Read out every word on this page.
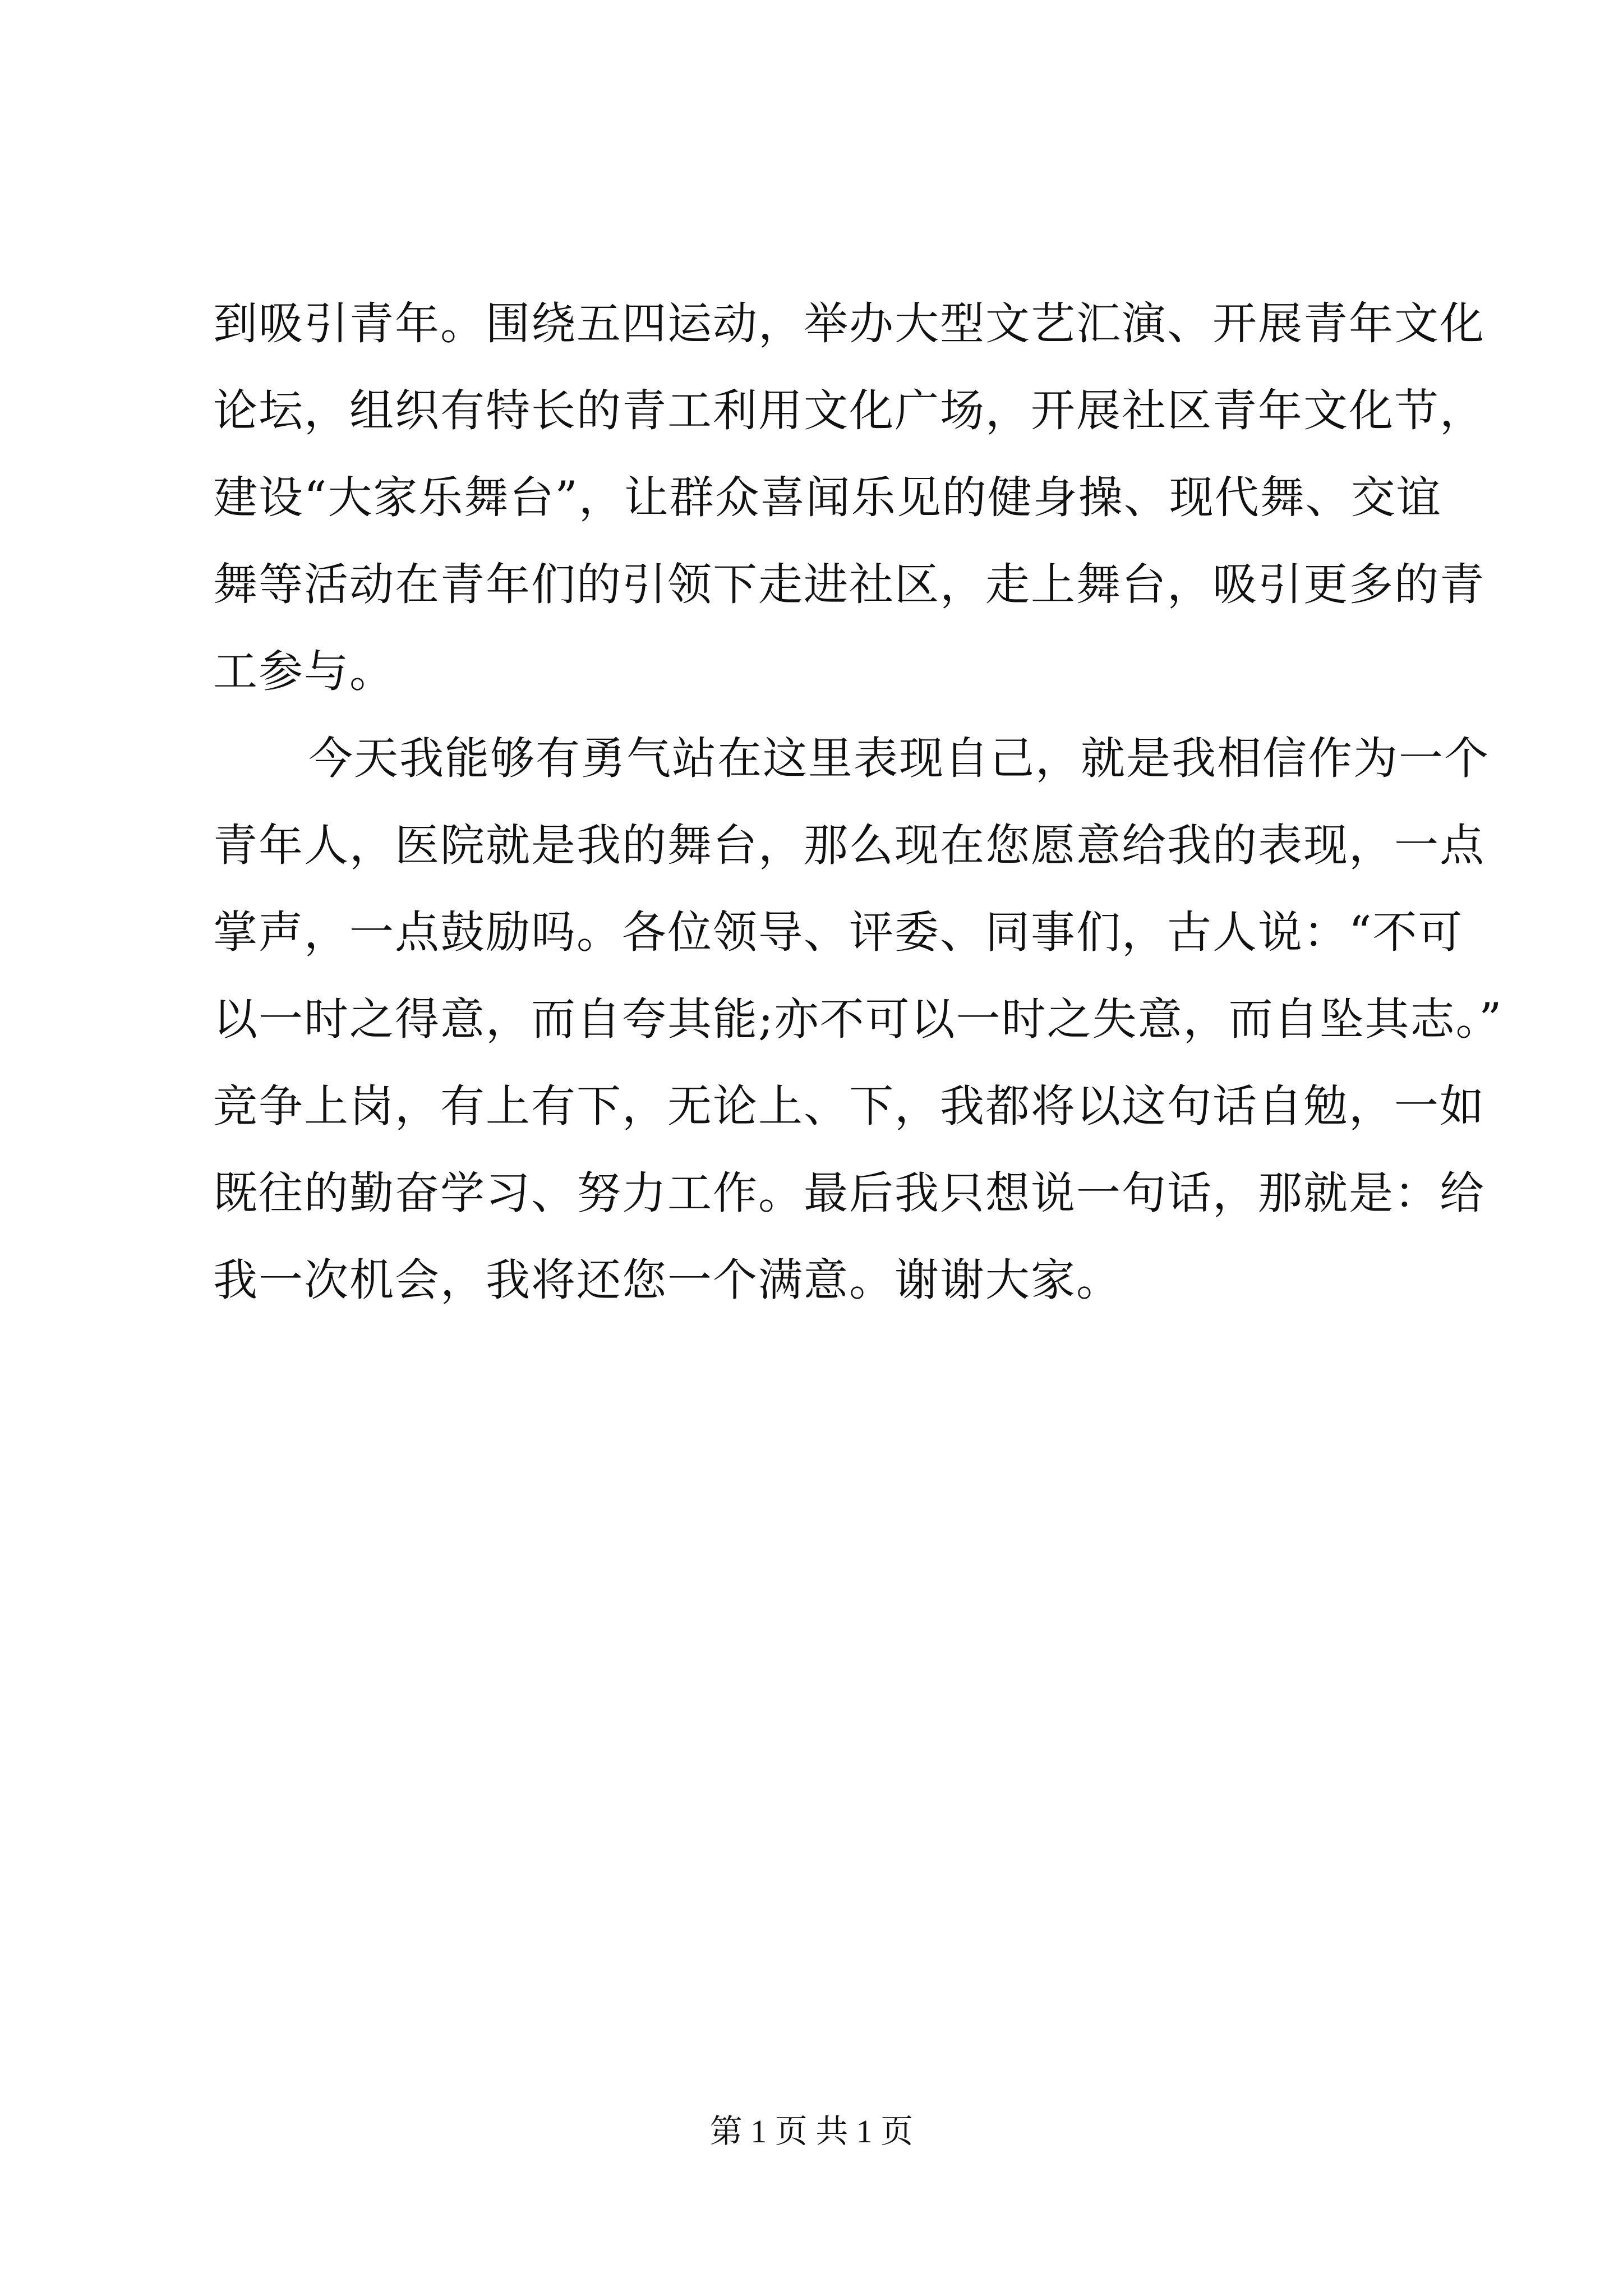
到吸引青年。围绕五四运动，举办大型文艺汇演、开展青年文化
论坛，组织有特长的青工利用文化广场，开展社区青年文化节，
建设“大家乐舞台”，让群众喜闻乐见的健身操、现代舞、交谊
舞等活动在青年们的引领下走进社区，走上舞台，吸引更多的青
工参与。
今天我能够有勇气站在这里表现自己，就是我相信作为一个
青年人，医院就是我的舞台，那么现在您愿意给我的表现，一点
掌声，一点鼓励吗。各位领导、评委、同事们，古人说：“不可
以一时之得意，而自夸其能;亦不可以一时之失意，而自坠其志。”
竞争上岗，有上有下，无论上、下，我都将以这句话自勉，一如
既往的勤奋学习、努力工作。最后我只想说一句话，那就是：给
我一次机会，我将还您一个满意。谢谢大家。
第 1 页 共 1 页
